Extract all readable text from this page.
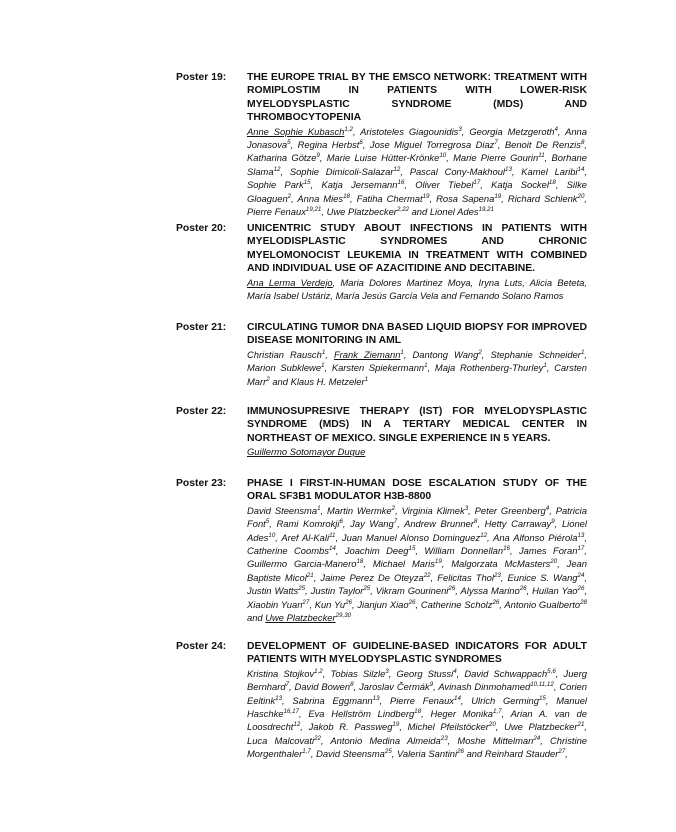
Poster 19:	THE EUROPE TRIAL BY THE EMSCO NETWORK: TREATMENT WITH ROMIPLOSTIM IN PATIENTS WITH LOWER-RISK MYELODYSPLASTIC SYNDROME (MDS) AND THROMBOCYTOPENIA
Anne Sophie Kubasch$^{1,2}$, Aristoteles Giagounidis$^3$, Georgia Metzgeroth$^4$, Anna Jonasova$^5$, Regina Herbst$^6$, Jose Miguel Torregrosa Diaz$^7$, Benoit De Renzis$^8$, Katharina Götze$^9$, Marie Luise Hütter-Krönke$^{10}$, Marie Pierre Gourin$^{11}$, Borhane Slama$^{12}$, Sophie Dimicoli-Salazar$^{12}$, Pascal Cony-Makhoul$^{13}$, Kamel Laribi$^{14}$, Sophie Park$^{15}$, Katja Jersemann$^{16}$, Oliver Tiebel$^{17}$, Katja Sockel$^{18}$, Silke Gloaguen$^2$, Anna Mies$^{18}$, Fatiha Chermat$^{19}$, Rosa Sapena$^{19}$, Richard Schlenk$^{20}$, Pierre Fenaux$^{19,21}$, Uwe Platzbecker$^{2,22}$ and Lionel Ades$^{19,21}$
Poster 20:	UNICENTRIC STUDY ABOUT INFECTIONS IN PATIENTS WITH MYELODISPLASTIC SYNDROMES AND CHRONIC MYELOMONOCIST LEUKEMIA IN TREATMENT WITH COMBINED AND INDIVIDUAL USE OF AZACITIDINE AND DECITABINE.
Ana Lerma Verdejo, Maria Dolores Martinez Moya, Iryna Luts, Alicia Beteta, María Isabel Ustáriz, María Jesús García Vela and Fernando Solano Ramos
Poster 21:	CIRCULATING TUMOR DNA BASED LIQUID BIOPSY FOR IMPROVED DISEASE MONITORING IN AML
Christian Rausch$^1$, Frank Ziemann$^1$, Dantong Wang$^2$, Stephanie Schneider$^1$, Marion Subklewe$^1$, Karsten Spiekermann$^1$, Maja Rothenberg-Thurley$^1$, Carsten Marr$^2$ and Klaus H. Metzeler$^1$
Poster 22:	IMMUNOSUPRESIVE THERAPY (IST) FOR MYELODYSPLASTIC SYNDROME (MDS) IN A TERTARY MEDICAL CENTER IN NORTHEAST OF MEXICO. SINGLE EXPERIENCE IN 5 YEARS.
Guillermo Sotomayor Duque
Poster 23:	PHASE I FIRST-IN-HUMAN DOSE ESCALATION STUDY OF THE ORAL SF3B1 MODULATOR H3B-8800
David Steensma$^1$, Martin Wermke$^2$, Virginia Klimek$^3$, Peter Greenberg$^4$, Patricia Font$^5$, Rami Komrokji$^6$, Jay Wang$^7$, Andrew Brunner$^8$, Hetty Carraway$^9$, Lionel Ades$^{10}$, Aref Al-Kali$^{11}$, Juan Manuel Alonso Dominguez$^{12}$, Ana Alfonso Piérola$^{13}$, Catherine Coombs$^{14}$, Joachim Deeg$^{15}$, William Donnellan$^{16}$, James Foran$^{17}$, Guillermo Garcia-Manero$^{18}$, Michael Maris$^{19}$, Malgorzata McMasters$^{20}$, Jean Baptiste Micol$^{21}$, Jaime Perez De Oteyza$^{22}$, Felicitas Thol$^{23}$, Eunice S. Wang$^{24}$, Justin Watts$^{25}$, Justin Taylor$^{25}$, Vikram Gourineni$^{26}$, Alyssa Marino$^{26}$, Huilan Yao$^{26}$, Xiaobin Yuan$^{27}$, Kun Yu$^{26}$, Jianjun Xiao$^{26}$, Catherine Scholz$^{26}$, Antonio Gualberto$^{28}$ and Uwe Platzbecker$^{29,30}$
Poster 24:	DEVELOPMENT OF GUIDELINE-BASED INDICATORS FOR ADULT PATIENTS WITH MYELODYSPLASTIC SYNDROMES
Kristina Stojkov$^{1,2}$, Tobias Silzle$^3$, Georg Stussi$^4$, David Schwappach$^{5,6}$, Juerg Bernhard$^7$, David Bowen$^8$, Jaroslav Čermák$^9$, Avinash Dinmohamed$^{10,11,12}$, Corien Eeltink$^{13}$, Sabrina Eggmann$^{13}$, Pierre Fenaux$^{14}$, Ulrich Germing$^{15}$, Manuel Haschke$^{16,17}$, Eva Hellström Lindberg$^{18}$, Heger Monika$^{1,7}$, Arian A. van de Loosdrecht$^{12}$, Jakob R. Passweg$^{19}$, Michel Pfeilstöcker$^{20}$, Uwe Platzbecker$^{21}$, Luca Malcovati$^{22}$, Antonio Medina Almeida$^{23}$, Moshe Mittelman$^{24}$, Christine Morgenthaler$^{1,7}$, David Steensma$^{25}$, Valeria Santini$^{26}$ and Reinhard Stauder$^{27}$,
